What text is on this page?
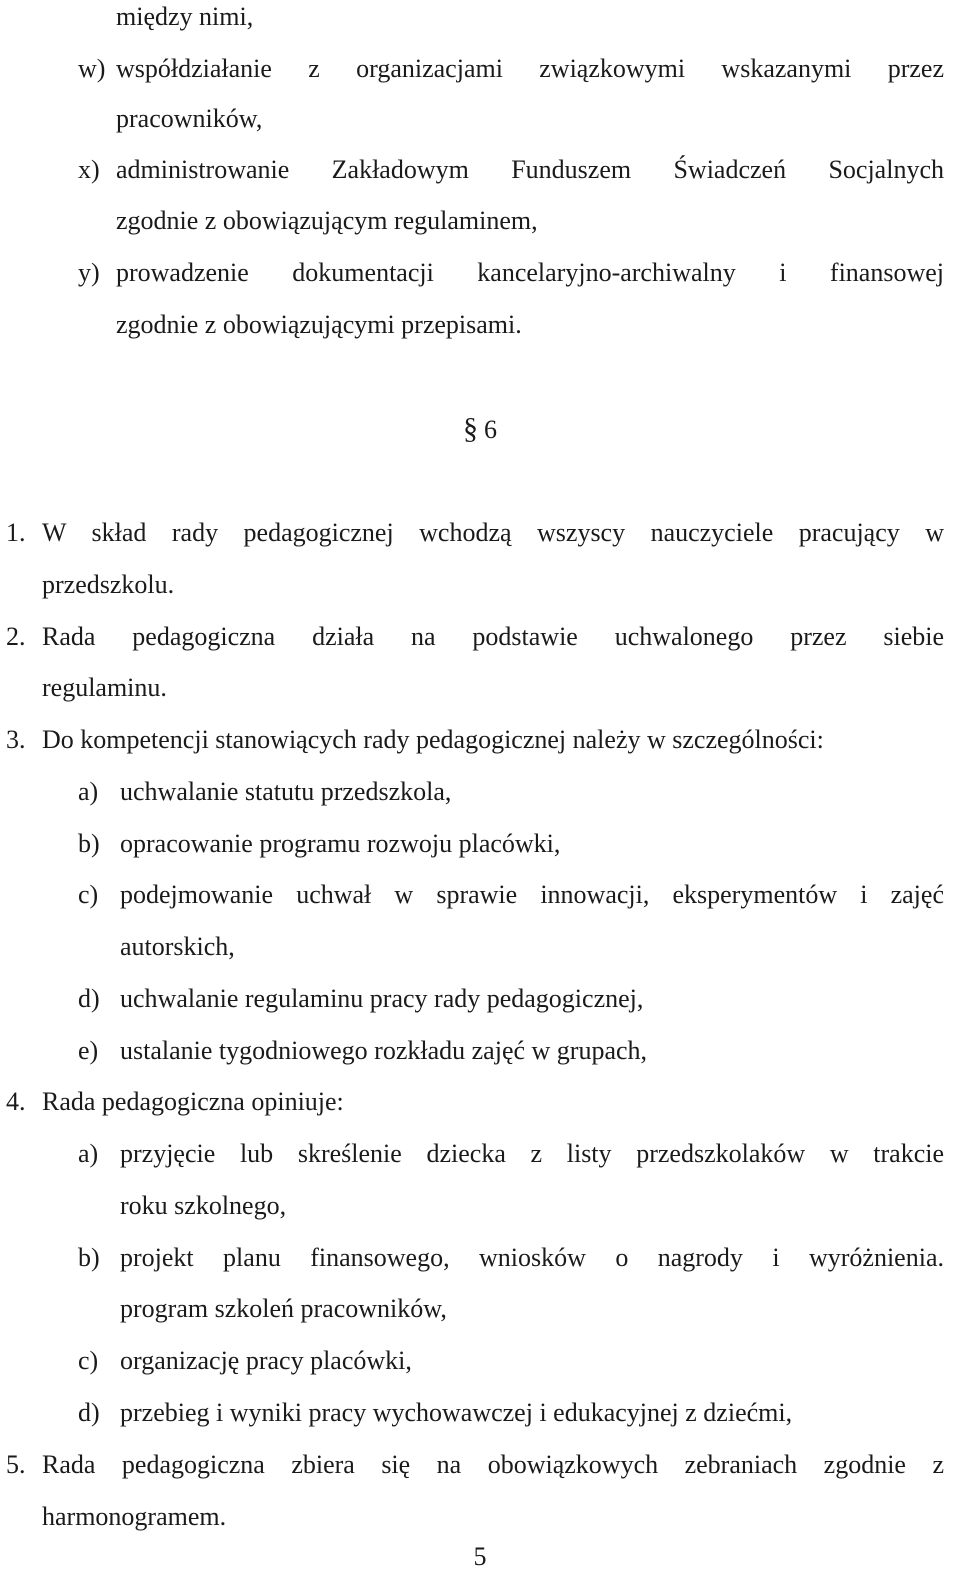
między nimi,
w) współdziałanie z organizacjami związkowymi wskazanymi przez
pracowników,
x) administrowanie Zakładowym Funduszem Świadczeń Socjalnych
zgodnie z obowiązującym regulaminem,
y) prowadzenie dokumentacji kancelaryjno-archiwalny i finansowej
zgodnie z obowiązującymi przepisami.
§ 6
1. W skład rady pedagogicznej wchodzą wszyscy nauczyciele pracujący w
przedszkolu.
2. Rada pedagogiczna działa na podstawie uchwalonego przez siebie
regulaminu.
3. Do kompetencji stanowiących rady pedagogicznej należy w szczególności:
a) uchwalanie statutu przedszkola,
b) opracowanie programu rozwoju placówki,
c) podejmowanie uchwał w sprawie innowacji, eksperymentów i zajęć
autorskich,
d) uchwalanie regulaminu pracy rady pedagogicznej,
e) ustalanie tygodniowego rozkładu zajęć w grupach,
4. Rada pedagogiczna opiniuje:
a) przyjęcie lub skreślenie dziecka z listy przedszkolaków w trakcie
roku szkolnego,
b) projekt planu finansowego, wniosków o nagrody i wyróżnienia.
program szkoleń pracowników,
c) organizację pracy placówki,
d) przebieg i wyniki pracy wychowawczej i edukacyjnej z dziećmi,
5. Rada pedagogiczna zbiera się na obowiązkowych zebraniach zgodnie z
harmonogramem.
5
